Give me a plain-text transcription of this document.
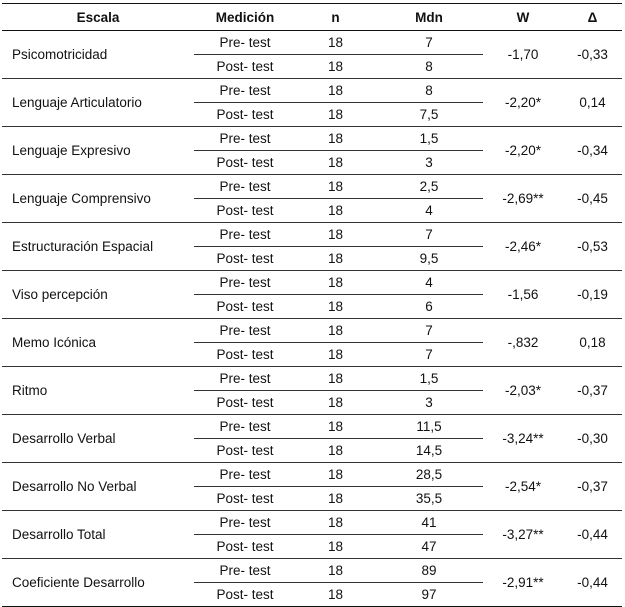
Escala	Medición	n	Mdn	W	Δ
Psicomotricidad	Pre- test	18	7	-1,70	-0,33
	Post- test	18	8		
Lenguaje Articulatorio	Pre- test	18	8	-2,20*	0,14
	Post- test	18	7,5		
Lenguaje Expresivo	Pre- test	18	1,5	-2,20*	-0,34
	Post- test	18	3		
Lenguaje Comprensivo	Pre- test	18	2,5	-2,69**	-0,45
	Post- test	18	4		
Estructuración Espacial	Pre- test	18	7	-2,46*	-0,53
	Post- test	18	9,5		
Viso percepción	Pre- test	18	4	-1,56	-0,19
	Post- test	18	6		
Memo Icónica	Pre- test	18	7	-,832	0,18
	Post- test	18	7		
Ritmo	Pre- test	18	1,5	-2,03*	-0,37
	Post- test	18	3		
Desarrollo Verbal	Pre- test	18	11,5	-3,24**	-0,30
	Post- test	18	14,5		
Desarrollo No Verbal	Pre- test	18	28,5	-2,54*	-0,37
	Post- test	18	35,5		
Desarrollo Total	Pre- test	18	41	-3,27**	-0,44
	Post- test	18	47		
Coeficiente Desarrollo	Pre- test	18	89	-2,91**	-0,44
	Post- test	18	97		
